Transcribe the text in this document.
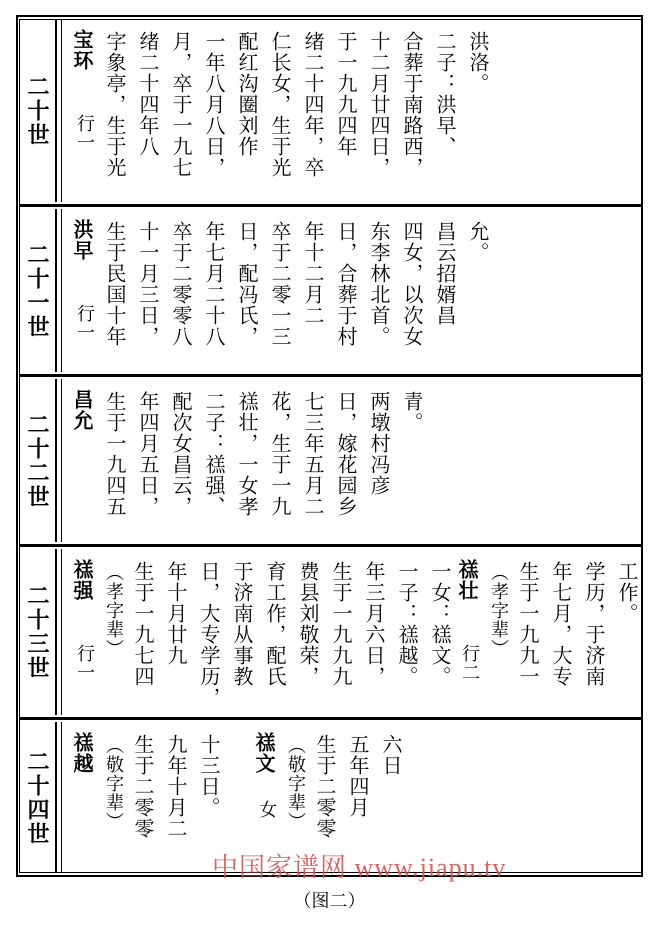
二十世
宝环
行一 字象亭，生于光 绪二十四年八 月，卒于一九七 一年八月八日， 配红沟圈刘作 仁长女，生于光 绪二十四年，卒 于一九九四年 十二月廿四日， 合葬于南路西， 二子：洪早、 洪洛。
二十一世
洪早
行一 生于民国十年 十一月三日， 卒于二零零八 年七月二十八 日，配冯氏， 卒于二零一三 年十二月二 日，合葬于村 东李林北首。 四女，以次女 昌云招婿昌 允。
二十二世
昌允 生于一九四五 年四月五日， 配次女昌云， 二子：禚强、 禚壮，一女孝 花，生于一九 七三年五月二 日，嫁花园乡 两墩村冯彦 青。
二十三世
禚强
行一
（孝字辈） 生于一九七四 年十月廿九 日，大专学历， 于济南从事教 育工作，配氏 费县刘敬荣， 生于一九九九 年三月六日， 一子：禚越。 一女：禚文。 禚壮
行二
（孝字辈） 生于一九九一 年七月，大专 学历，于济南 工作。
二十四世 禚越 （敬字辈） 生于二零零 九年十月二 十三日。 禚文
女 （敬字辈） 生于二零零 五年四月 六日
中国家谱网 www.jiapu.tv
（图二）
